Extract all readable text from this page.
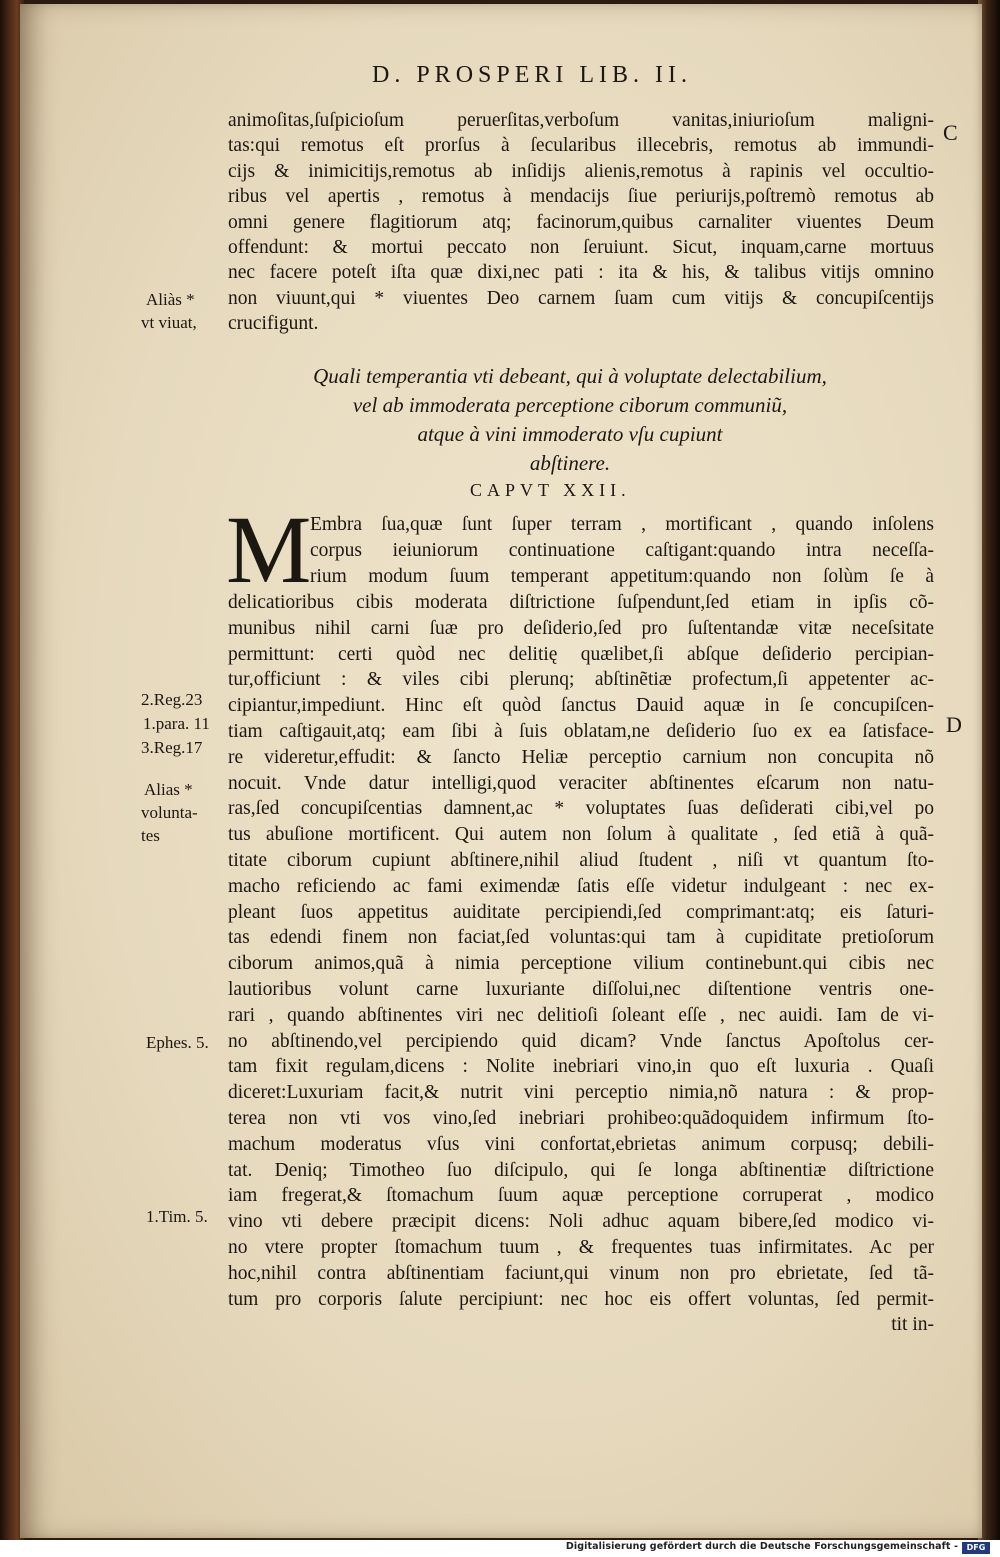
D. PROSPERI LIB. II.
C
D
Aliàs *
vt viuat,
2.Reg.23
1.para. 11
3.Reg.17
Alias *
volunta-
tes
Ephes. 5.
1.Tim. 5.
animoſitas,ſuſpicioſum peruerſitas,verboſum vanitas,iniurioſum maligni-
tas:qui remotus eſt prorſus à ſecularibus illecebris, remotus ab immundi-
cijs & inimicitijs,remotus ab inſidijs alienis,remotus à rapinis vel occultio-
ribus vel apertis , remotus à mendacijs ſiue periurijs,poſtremò remotus ab
omni genere flagitiorum atq; facinorum,quibus carnaliter viuentes Deum
offendunt: & mortui peccato non ſeruiunt. Sicut, inquam,carne mortuus
nec facere poteſt iſta quæ dixi,nec pati : ita & his, & talibus vitijs omnino
non viuunt,qui * viuentes Deo carnem ſuam cum vitijs & concupiſcentijs
crucifigunt.
Quali temperantia vti debeant, qui à voluptate delectabilium,
vel ab immoderata perceptione ciborum communiũ,
atque à vini immoderato vſu cupiunt
abſtinere.
CAPVT XXII.
M
Embra ſua,quæ ſunt ſuper terram , mortificant , quando inſolens
corpus ieiuniorum continuatione caſtigant:quando intra neceſſa-
rium modum ſuum temperant appetitum:quando non ſolùm ſe à
delicatioribus cibis moderata diſtrictione ſuſpendunt,ſed etiam in ipſis cõ-
munibus nihil carni ſuæ pro deſiderio,ſed pro ſuſtentandæ vitæ neceſsitate
permittunt: certi quòd nec delitię quælibet,ſi abſque deſiderio percipian-
tur,officiunt : & viles cibi plerunq; abſtinẽtiæ profectum,ſi appetenter ac-
cipiantur,impediunt. Hinc eſt quòd ſanctus Dauid aquæ in ſe concupiſcen-
tiam caſtigauit,atq; eam ſibi à ſuis oblatam,ne deſiderio ſuo ex ea ſatisface-
re videretur,effudit: & ſancto Heliæ perceptio carnium non concupita nõ
nocuit. Vnde datur intelligi,quod veraciter abſtinentes eſcarum non natu-
ras,ſed concupiſcentias damnent,ac * voluptates ſuas deſiderati cibi,vel po
tus abuſione mortificent. Qui autem non ſolum à qualitate , ſed etiã à quã-
titate ciborum cupiunt abſtinere,nihil aliud ſtudent , niſi vt quantum ſto-
macho reficiendo ac fami eximendæ ſatis eſſe videtur indulgeant : nec ex-
pleant ſuos appetitus auiditate percipiendi,ſed comprimant:atq; eis ſaturi-
tas edendi finem non faciat,ſed voluntas:qui tam à cupiditate pretioſorum
ciborum animos,quã à nimia perceptione vilium continebunt.qui cibis nec
lautioribus volunt carne luxuriante diſſolui,nec diſtentione ventris one-
rari , quando abſtinentes viri nec delitioſi ſoleant eſſe , nec auidi. Iam de vi-
no abſtinendo,vel percipiendo quid dicam? Vnde ſanctus Apoſtolus cer-
tam fixit regulam,dicens : Nolite inebriari vino,in quo eſt luxuria . Quaſi
diceret:Luxuriam facit,& nutrit vini perceptio nimia,nõ natura : & prop-
terea non vti vos vino,ſed inebriari prohibeo:quãdoquidem infirmum ſto-
machum moderatus vſus vini confortat,ebrietas animum corpusq; debili-
tat. Deniq; Timotheo ſuo diſcipulo, qui ſe longa abſtinentiæ diſtrictione
iam fregerat,& ſtomachum ſuum aquæ perceptione corruperat , modico
vino vti debere præcipit dicens: Noli adhuc aquam bibere,ſed modico vi-
no vtere propter ſtomachum tuum , & frequentes tuas infirmitates. Ac per
hoc,nihil contra abſtinentiam faciunt,qui vinum non pro ebrietate, ſed tã-
tum pro corporis ſalute percipiunt: nec hoc eis offert voluntas, ſed permit-
tit in-
Digitalisierung gefördert durch die Deutsche Forschungsgemeinschaft -	DFG
